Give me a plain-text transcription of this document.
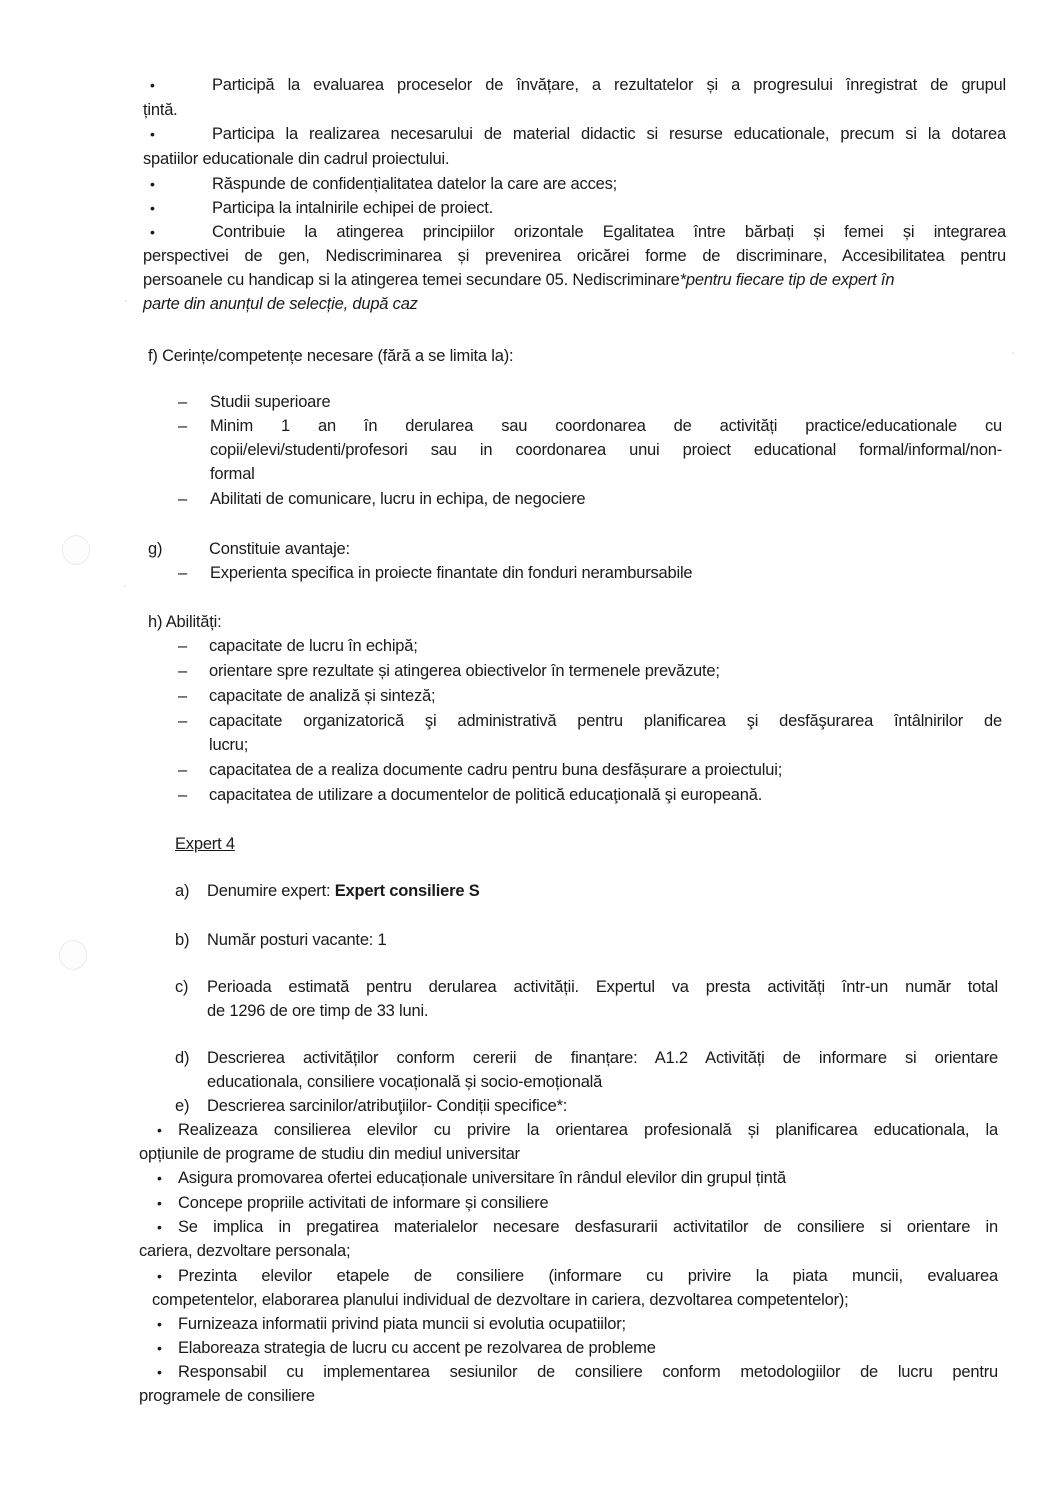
•	Participă la evaluarea proceselor de învățare, a rezultatelor și a progresului înregistrat de grupul
țintă.
•	Participa la realizarea necesarului de material didactic si resurse educationale, precum si la dotarea
spatiilor educationale din cadrul proiectului.
•	Răspunde de confidențialitatea datelor la care are acces;
•	Participa la intalnirile echipei de proiect.
•	Contribuie la atingerea principiilor orizontale Egalitatea între bărbați și femei și integrarea
perspectivei de gen, Nediscriminarea și prevenirea oricărei forme de discriminare, Accesibilitatea pentru
persoanele cu handicap si la atingerea temei secundare 05. Nediscriminare*pentru fiecare tip de expert în
parte din anunțul de selecție, după caz
f) Cerințe/competențe necesare (fără a se limita la):
– Studii superioare
– Minim 1 an în derularea sau coordonarea de activități practice/educationale cu
copii/elevi/studenti/profesori sau in coordonarea unui proiect educational formal/informal/non-
formal
– Abilitati de comunicare, lucru in echipa, de negociere
g)	Constituie avantaje:
– Experienta specifica in proiecte finantate din fonduri nerambursabile
h) Abilități:
– capacitate de lucru în echipă;
– orientare spre rezultate și atingerea obiectivelor în termenele prevăzute;
– capacitate de analiză și sinteză;
– capacitate organizatorică şi administrativă pentru planificarea şi desfăşurarea întâlnirilor de
lucru;
– capacitatea de a realiza documente cadru pentru buna desfășurare a proiectului;
– capacitatea de utilizare a documentelor de politică educaţională şi europeană.
Expert 4
a) Denumire expert: Expert consiliere S
b) Număr posturi vacante: 1
c) Perioada estimată pentru derularea activității. Expertul va presta activități într-un număr total
de 1296 de ore timp de 33 luni.
d) Descrierea activităților conform cererii de finanțare: A1.2 Activități de informare si orientare
educationala, consiliere vocațională și socio-emoțională
e) Descrierea sarcinilor/atribuţiilor- Condiții specifice*:
• Realizeaza consilierea elevilor cu privire la orientarea profesională și planificarea educationala, la
opțiunile de programe de studiu din mediul universitar
• Asigura promovarea ofertei educaționale universitare în rândul elevilor din grupul țintă
• Concepe propriile activitati de informare și consiliere
• Se implica in pregatirea materialelor necesare desfasurarii activitatilor de consiliere si orientare in
cariera, dezvoltare personala;
• Prezinta elevilor etapele de consiliere (informare cu privire la piata muncii, evaluarea
competentelor, elaborarea planului individual de dezvoltare in cariera, dezvoltarea competentelor);
• Furnizeaza informatii privind piata muncii si evolutia ocupatiilor;
• Elaboreaza strategia de lucru cu accent pe rezolvarea de probleme
• Responsabil cu implementarea sesiunilor de consiliere conform metodologiilor de lucru pentru
programele de consiliere
